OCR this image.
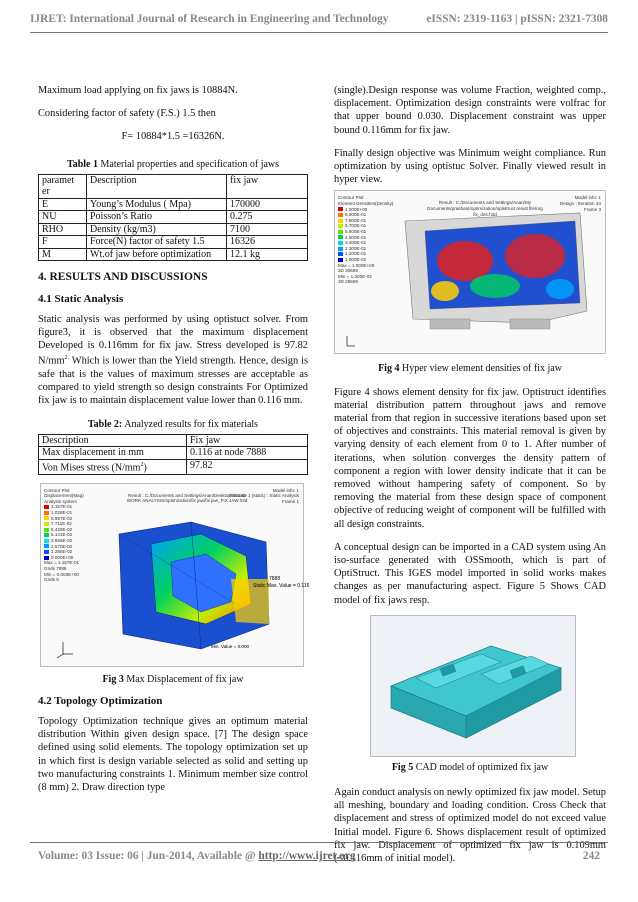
IJRET: International Journal of Research in Engineering and Technology	eISSN: 2319-1163 | pISSN: 2321-7308

Maximum load applying on fix jaws is 10884N.

Considering factor of safety (F.S.) 1.5 then

F= 10884*1.5 =16326N.

Table 1 Material properties and specification of jaws
paramet er	Description	fix jaw
E	Young’s Modulus ( Mpa)	170000
NU	Poisson’s Ratio	0.275
RHO	Density (kg/m3)	7100
F	Force(N) factor of safety 1.5	16326
M	Wt.of jaw before optimization	12.1 kg
4. RESULTS AND DISCUSSIONS
4.1 Static Analysis

Static analysis was performed by using optistuct solver. From figure3, it is observed that the maximum displacement Developed is 0.116mm for fix jaw. Stress developed is 97.82 $N/mm^{2.}$ Which is lower than the Yield strength. Hence, design is safe that is the values of maximum stresses are acceptable as compared to yield strength so design constraints For Optimized fix jaw is to maintain displacement value lower than 0.116 mm.

Table 2: Analyzed results for fix materials
Description	Fix jaw
Max displacement in mm	0.116 at node 7888
Von Mises stress $(N/mm^2)$	97.82
Contour Plot
Displacement(Mag)
Analysis system
1.157E-01
1.028E-01
8.997E-02
7.711E-02
6.426E-02
5.141E-02
3.856E-02
2.570E-02
1.285E-02
0.000E+00
Max = 1.157E-01
Grids 7888
Min = 0.000E+00
Grids 5
Result : C:/Documents and Settings/Anan/Desktop/SOLID WORK ANALYSIS/optimization/fix jaw/fix jaw_FIX JAW.h3d
Model info: 1
Subcase 1 (static) : Static Analysis
Frame 1
7888
Static Max. Value = 0.116
Min. Value = 0.000
Fig 3 Max Displacement of fix jaw
4.2 Topology Optimization

Topology Optimization technique gives an optimum material distribution Within given design space. [7] The design space defined using solid elements. The topology optimization set up in which first is design variable selected as solid and setting up two manufacturing constraints 1. Minimum member size control (8 mm) 2. Draw direction type

(single).Design response was volume Fraction, weighted comp., displacement. Optimization design constraints were volfrac for that upper bound 0.030. Displacement constraint was upper bound 0.116mm for fix jaw.

Finally design objective was Minimum weight compliance. Run optimization by using optistuc Solver. Finally viewed result in hyper view.

Contour Plot
Element Densities(Density)
1.000E+00
8.900E-01
7.800E-01
6.700E-01
5.600E-01
4.500E-01
3.400E-01
2.300E-01
1.200E-01
1.000E-02
Max = 1.000E+00
3D 30689
Min = 1.000E-02
3D 28669
Result : C:/Documents and Settings/Anan/My Documents/prashant/optimization/optistruct result file/org fix_des.h3d
Model info: 1
Design : Iteration 34
Frame 3
Fig 4 Hyper view element densities of fix jaw

Figure 4 shows element density for fix jaw. Optistruct identifies material distribution pattern throughout jaws and remove material from that region in successive iterations based upon set of objectives and constraints. This material removal is given by varying density of each element from 0 to 1. After number of iterations, when solution converges the density pattern of component a region with lower density indicate that it can be removed without hampering safety of component. So by removing the material from these design space of component objective of reducing weight of component will be fulfilled with all design constraints.

A conceptual design can be imported in a CAD system using An iso-surface generated with OSSmooth, which is part of OptiStruct. This IGES model imported in solid works makes changes as per manufacturing aspect. Figure 5 Shows CAD model of fix jaws resp.

Fig 5 CAD model of optimized fix jaw

Again conduct analysis on newly optimized fix jaw model. Setup all meshing, boundary and loading condition. Cross Check that displacement and stress of optimized model do not exceed value Initial model. Figure 6. Shows displacement result of optimized fix jaw. Displacement of optimized fix jaw is 0.109mm (<0.116mm of initial model).

Volume: 03 Issue: 06 | Jun-2014, Available @ http://www.ijret.org	242
